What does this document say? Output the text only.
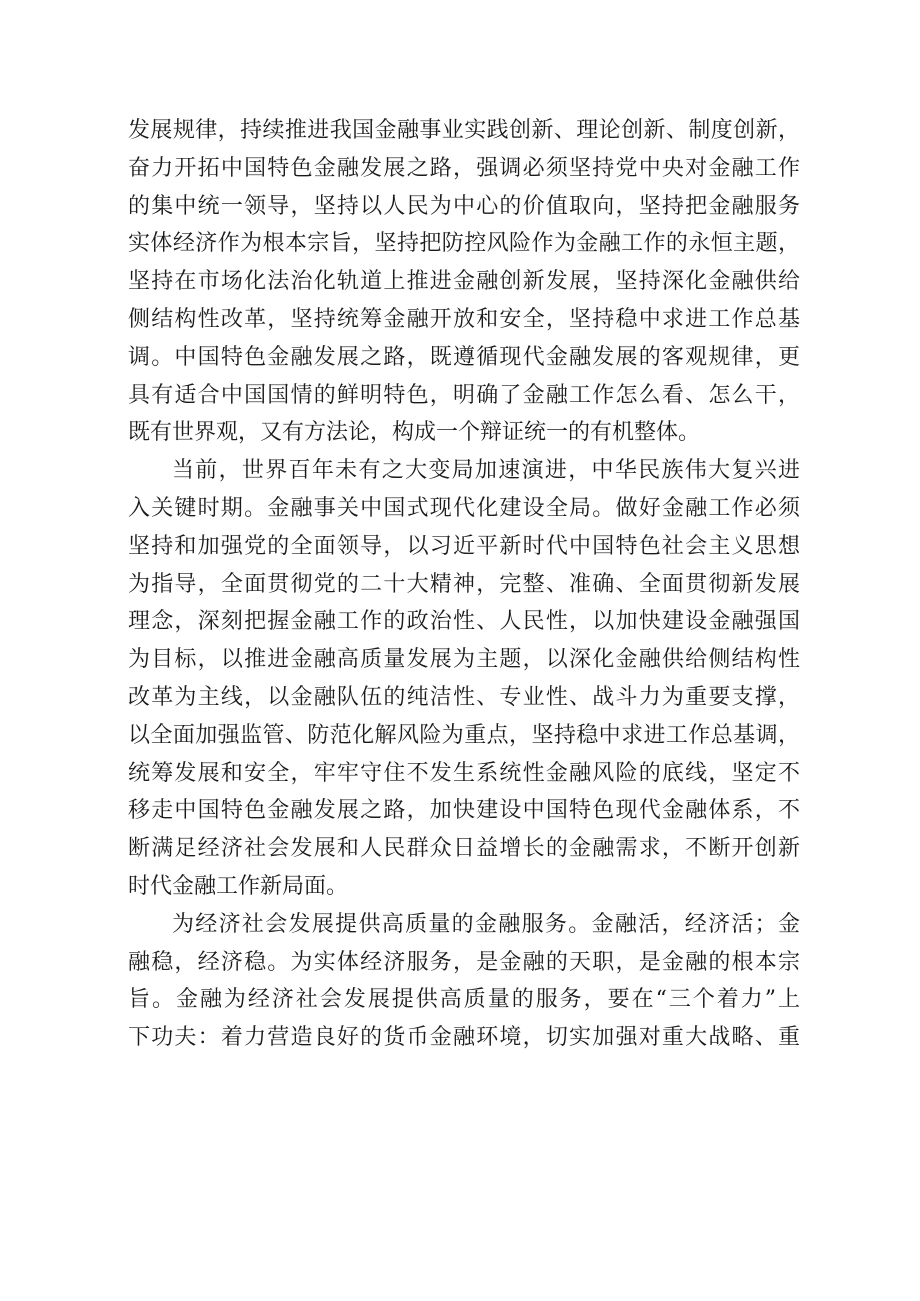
发展规律，持续推进我国金融事业实践创新、理论创新、制度创新，
奋力开拓中国特色金融发展之路，强调必须坚持党中央对金融工作
的集中统一领导，坚持以人民为中心的价值取向，坚持把金融服务
实体经济作为根本宗旨，坚持把防控风险作为金融工作的永恒主题，
坚持在市场化法治化轨道上推进金融创新发展，坚持深化金融供给
侧结构性改革，坚持统筹金融开放和安全，坚持稳中求进工作总基
调。中国特色金融发展之路，既遵循现代金融发展的客观规律，更
具有适合中国国情的鲜明特色，明确了金融工作怎么看、怎么干，
既有世界观，又有方法论，构成一个辩证统一的有机整体。
当前，世界百年未有之大变局加速演进，中华民族伟大复兴进
入关键时期。金融事关中国式现代化建设全局。做好金融工作必须
坚持和加强党的全面领导，以习近平新时代中国特色社会主义思想
为指导，全面贯彻党的二十大精神，完整、准确、全面贯彻新发展
理念，深刻把握金融工作的政治性、人民性，以加快建设金融强国
为目标，以推进金融高质量发展为主题，以深化金融供给侧结构性
改革为主线，以金融队伍的纯洁性、专业性、战斗力为重要支撑，
以全面加强监管、防范化解风险为重点，坚持稳中求进工作总基调，
统筹发展和安全，牢牢守住不发生系统性金融风险的底线，坚定不
移走中国特色金融发展之路，加快建设中国特色现代金融体系，不
断满足经济社会发展和人民群众日益增长的金融需求，不断开创新
时代金融工作新局面。
为经济社会发展提供高质量的金融服务。金融活，经济活；金
融稳，经济稳。为实体经济服务，是金融的天职，是金融的根本宗
旨。金融为经济社会发展提供高质量的服务，要在“三个着力”上
下功夫：着力营造良好的货币金融环境，切实加强对重大战略、重
